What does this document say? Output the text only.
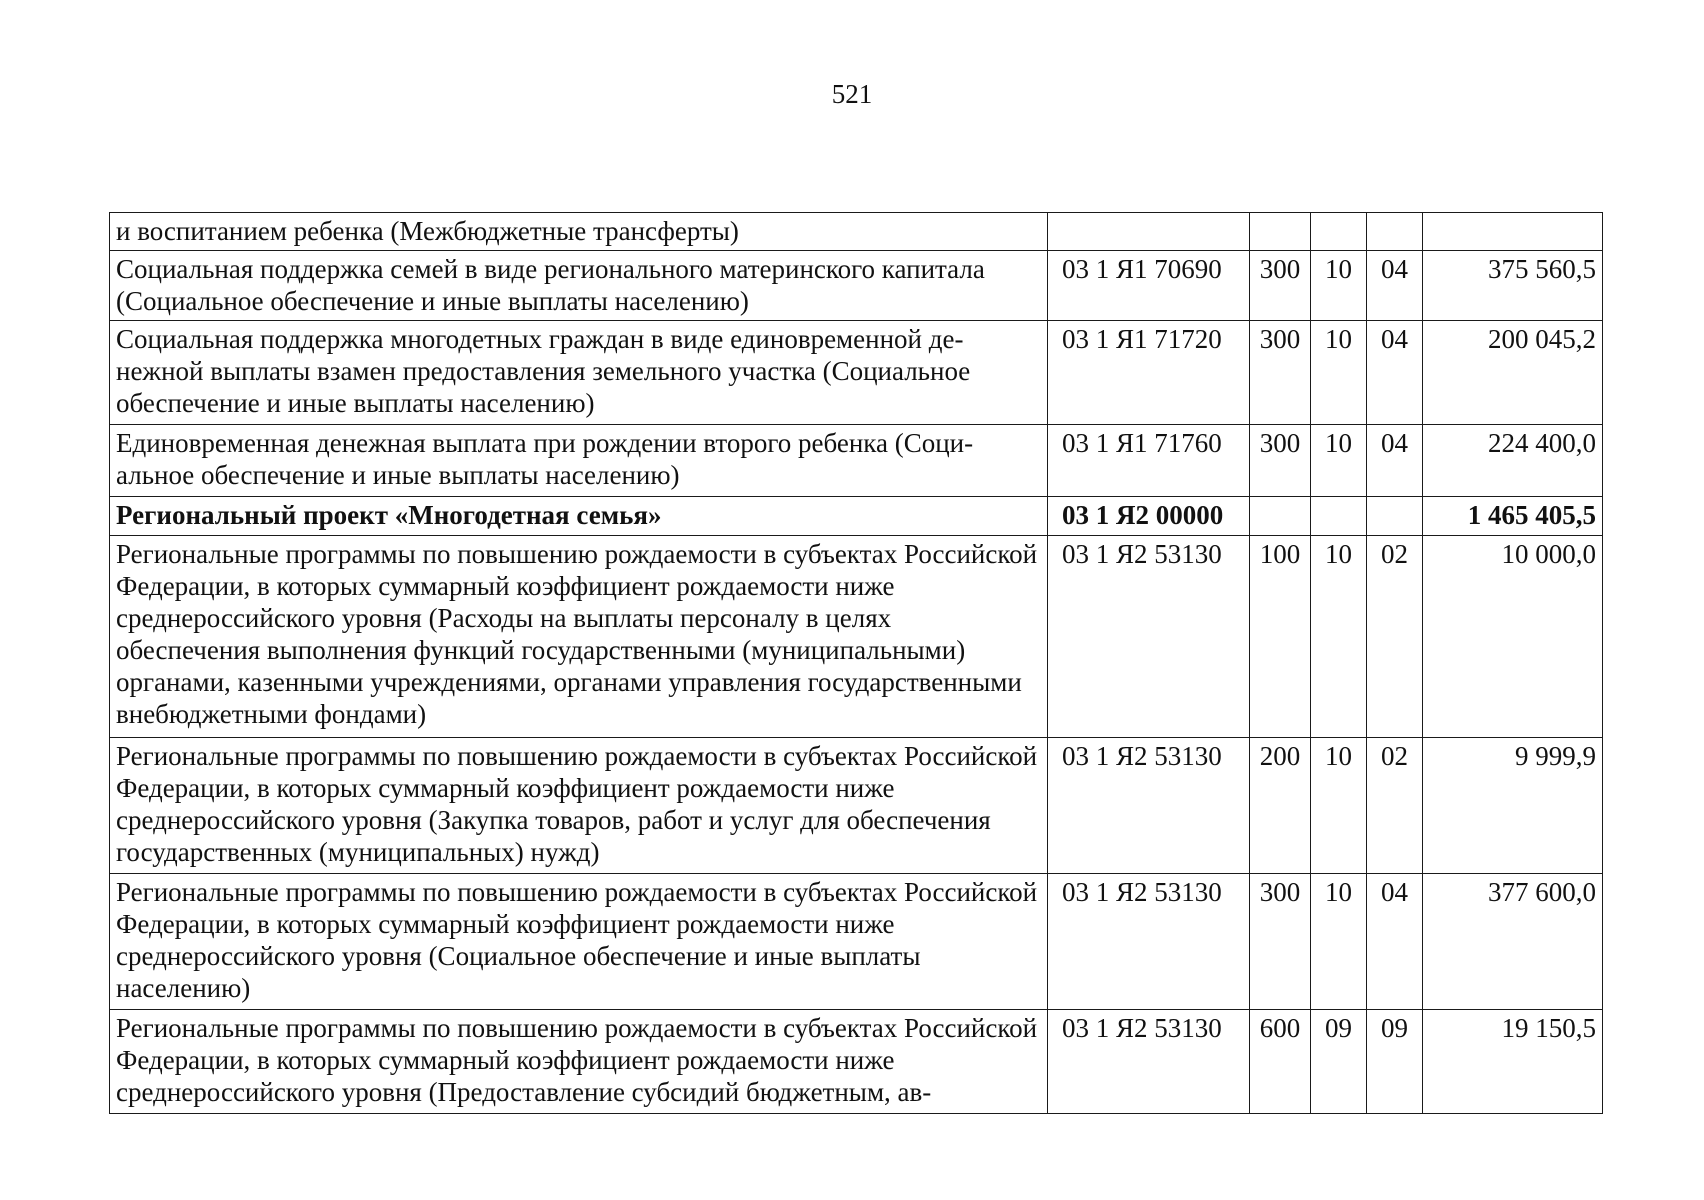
521
и воспитанием ребенка (Межбюджетные трансферты)					
Социальная поддержка семей в виде регионального материнского капитала (Социальное обеспечение и иные выплаты населению)	03 1 Я1 70690	300	10	04	375 560,5
Социальная поддержка многодетных граждан в виде единовременной денежной выплаты взамен предоставления земельного участка (Социальное обеспечение и иные выплаты населению)	03 1 Я1 71720	300	10	04	200 045,2
Единовременная денежная выплата при рождении второго ребенка (Социальное обеспечение и иные выплаты населению)	03 1 Я1 71760	300	10	04	224 400,0
Региональный проект «Многодетная семья»	03 1 Я2 00000				1 465 405,5
Региональные программы по повышению рождаемости в субъектах Российской Федерации, в которых суммарный коэффициент рождаемости ниже среднероссийского уровня (Расходы на выплаты персоналу в целях обеспечения выполнения функций государственными (муниципальными) органами, казенными учреждениями, органами управления государственными внебюджетными фондами)	03 1 Я2 53130	100	10	02	10 000,0
Региональные программы по повышению рождаемости в субъектах Российской Федерации, в которых суммарный коэффициент рождаемости ниже среднероссийского уровня (Закупка товаров, работ и услуг для обеспечения государственных (муниципальных) нужд)	03 1 Я2 53130	200	10	02	9 999,9
Региональные программы по повышению рождаемости в субъектах Российской Федерации, в которых суммарный коэффициент рождаемости ниже среднероссийского уровня (Социальное обеспечение и иные выплаты населению)	03 1 Я2 53130	300	10	04	377 600,0
Региональные программы по повышению рождаемости в субъектах Российской Федерации, в которых суммарный коэффициент рождаемости ниже среднероссийского уровня (Предоставление субсидий бюджетным, ав-	03 1 Я2 53130	600	09	09	19 150,5
